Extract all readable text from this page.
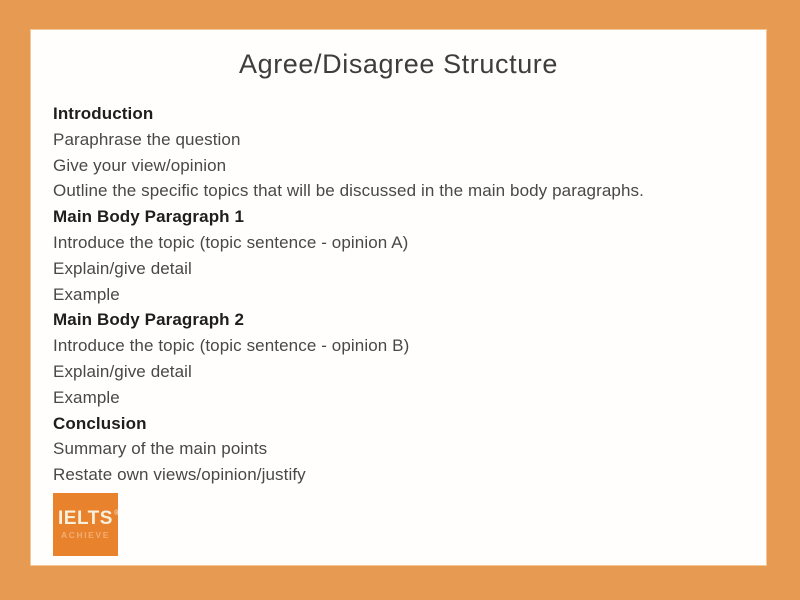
Agree/Disagree Structure
Introduction
Paraphrase the question
Give your view/opinion
Outline the specific topics that will be discussed in the main body paragraphs.
Main Body Paragraph 1
Introduce the topic (topic sentence - opinion A)
Explain/give detail
Example
Main Body Paragraph 2
Introduce the topic (topic sentence - opinion B)
Explain/give detail
Example
Conclusion
Summary of the main points
Restate own views/opinion/justify
IELTS ®
ACHIEVE
